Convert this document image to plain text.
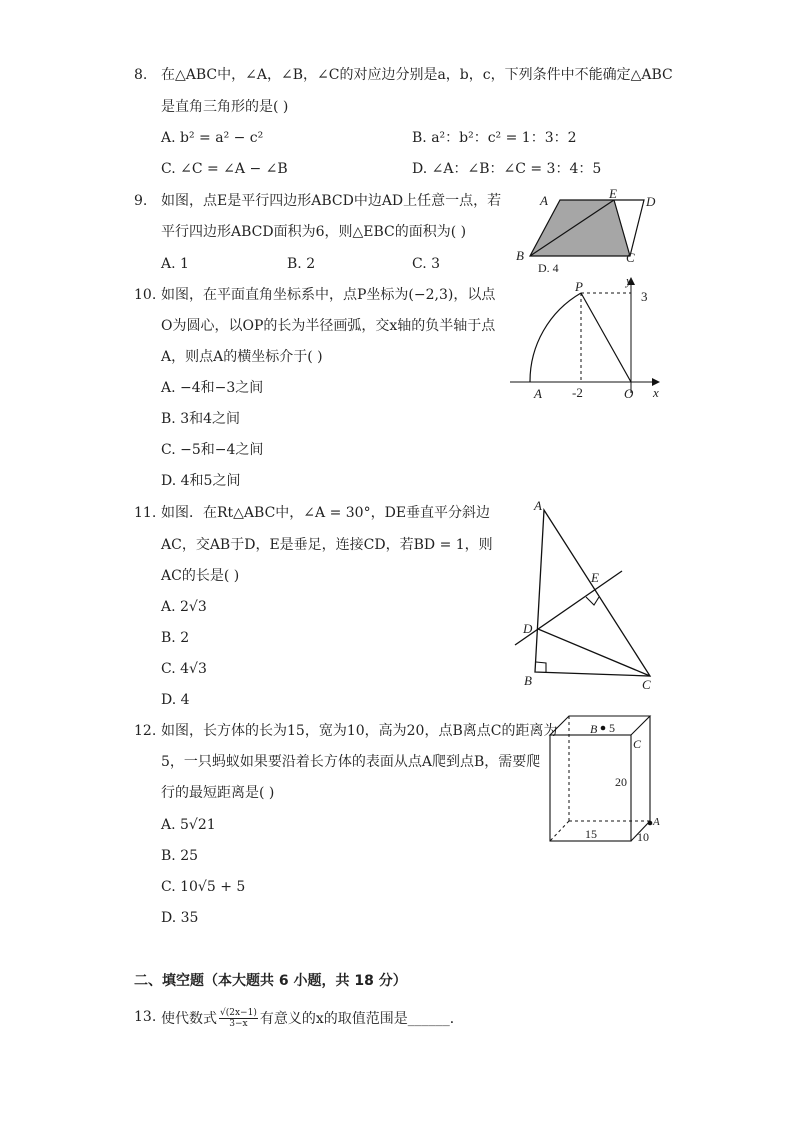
8. 在△ABC中，∠A，∠B，∠C的对应边分别是a，b，c，下列条件中不能确定△ABC
是直角三角形的是( )
A. b² = a² − c²	B. a²：b²：c² = 1：3：2
C. ∠C = ∠A − ∠B	D. ∠A：∠B：∠C = 3：4：5
9. 如图，点E是平行四边形ABCD中边AD上任意一点，若
平行四边形ABCD面积为6，则△EBC的面积为( )
A. 1	B. 2	C. 3
A	E
D
B	C
D. 4
10. 如图，在平面直角坐标系中，点P坐标为(−2,3)，以点
O为圆心，以OP的长为半径画弧，交x轴的负半轴于点
A，则点A的横坐标介于( )
A. −4和−3之间
B. 3和4之间
C. −5和−4之间
D. 4和5之间
P	y
3
A -2	O x
11. 如图．在Rt△ABC中，∠A = 30°，DE垂直平分斜边
AC，交AB于D，E是垂足，连接CD，若BD = 1，则
AC的长是( )
A. 2√3
B. 2
C. 4√3
D. 4
A
E
D
B	C
12. 如图，长方体的长为15，宽为10，高为20，点B离点C的距离为
5，一只蚂蚁如果要沿着长方体的表面从点A爬到点B，需要爬
行的最短距离是( )
A. 5√21
B. 25
C. 10√5 + 5
D. 35
B 5
C
20
15	10
A
二、填空题（本大题共 6 小题，共 18 分）
13. 使代数式 $\frac{√(2x-1)}{3-x}$ 有意义的x的取值范围是______．
